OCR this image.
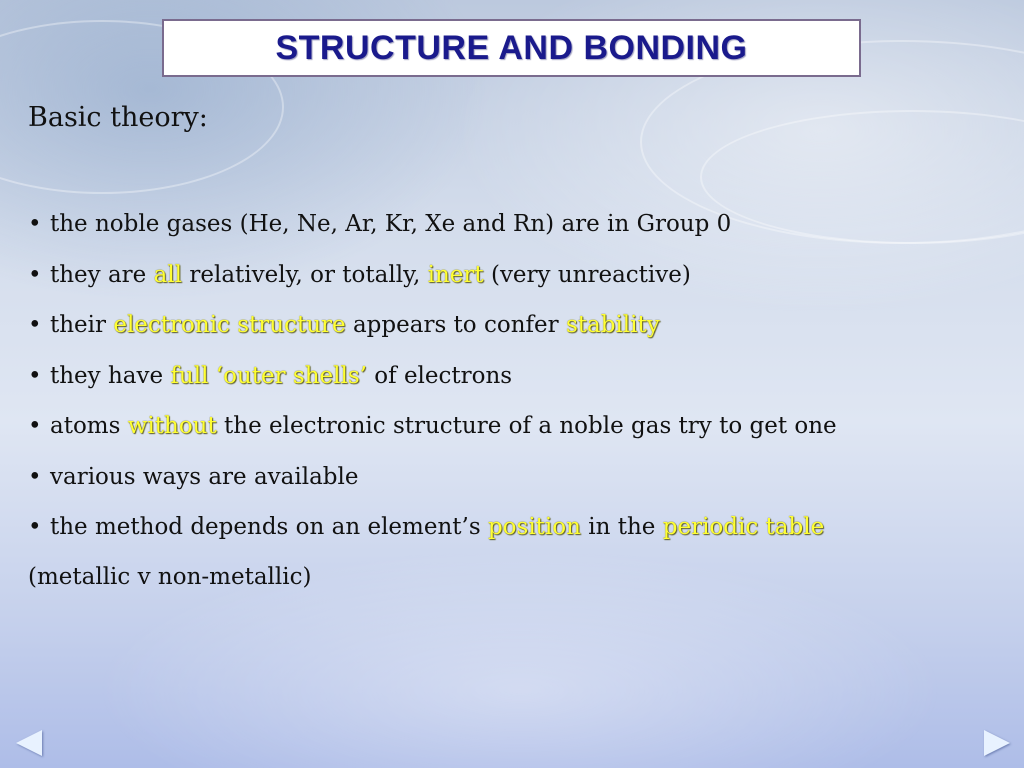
STRUCTURE AND BONDING
Basic theory:
• the noble gases (He, Ne, Ar, Kr, Xe and Rn) are in Group 0
• they are all relatively, or totally, inert (very unreactive)
• their electronic structure appears to confer stability
• they have full ‘outer shells’ of electrons
• atoms without the electronic structure of a noble gas try to get one
• various ways are available
• the method depends on an element’s position in the periodic table
(metallic v non-metallic)
